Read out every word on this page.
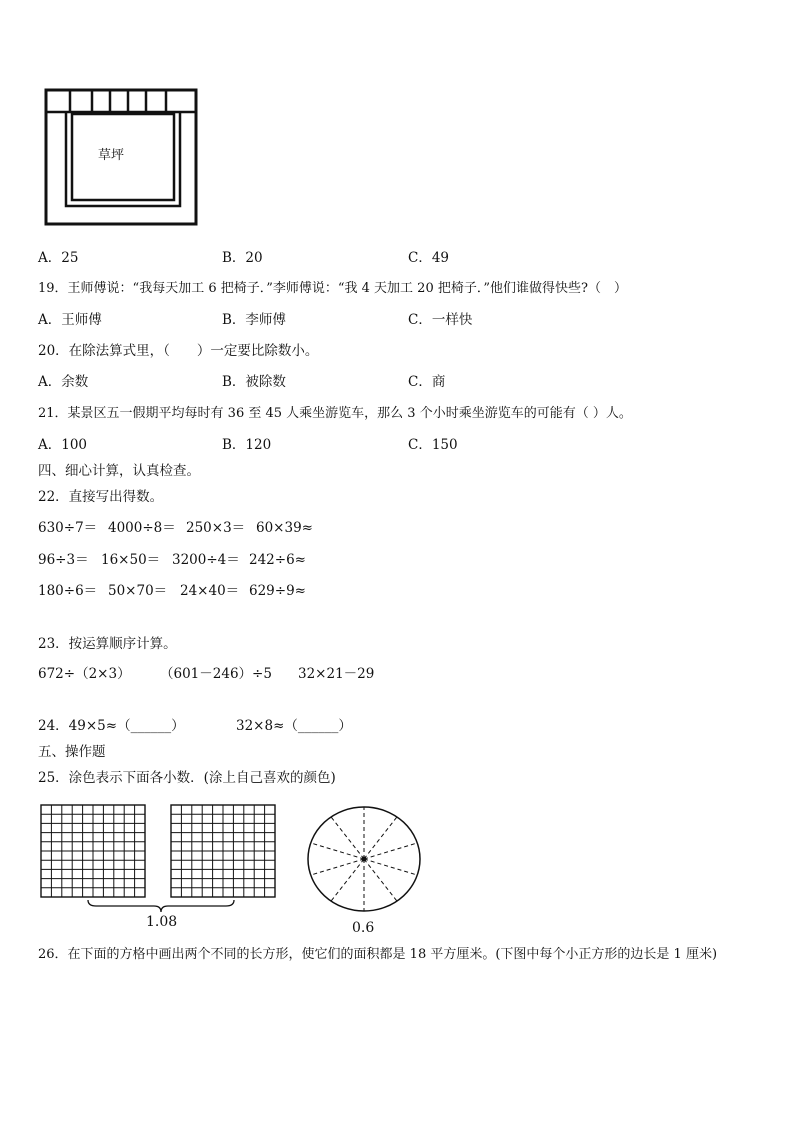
草坪
A．25	B．20	C．49
19．王师傅说：“我每天加工 6 把椅子．”李师傅说：“我 4 天加工 20 把椅子．”他们谁做得快些?（　）
A．王师傅	B．李师傅	C．一样快
20．在除法算式里，（　　）一定要比除数小。
A．余数	B．被除数	C．商
21．某景区五一假期平均每时有 36 至 45 人乘坐游览车，那么 3 个小时乘坐游览车的可能有（ ）人。
A．100	B．120	C．150
四、细心计算，认真检查。
22．直接写出得数。
630÷7＝ 4000÷8＝ 250×3＝ 60×39≈
96÷3＝ 16×50＝ 3200÷4＝ 242÷6≈
180÷6＝ 50×70＝ 24×40＝ 629÷9≈
23．按运算顺序计算。
672÷（2×3） （601－246）÷5 32×21－29
24．49×5≈（______）	32×8≈（______）
五、操作题
25．涂色表示下面各小数．(涂上自己喜欢的颜色)
1.08	0.6
26．在下面的方格中画出两个不同的长方形，使它们的面积都是 18 平方厘米。(下图中每个小正方形的边长是 1 厘米)
